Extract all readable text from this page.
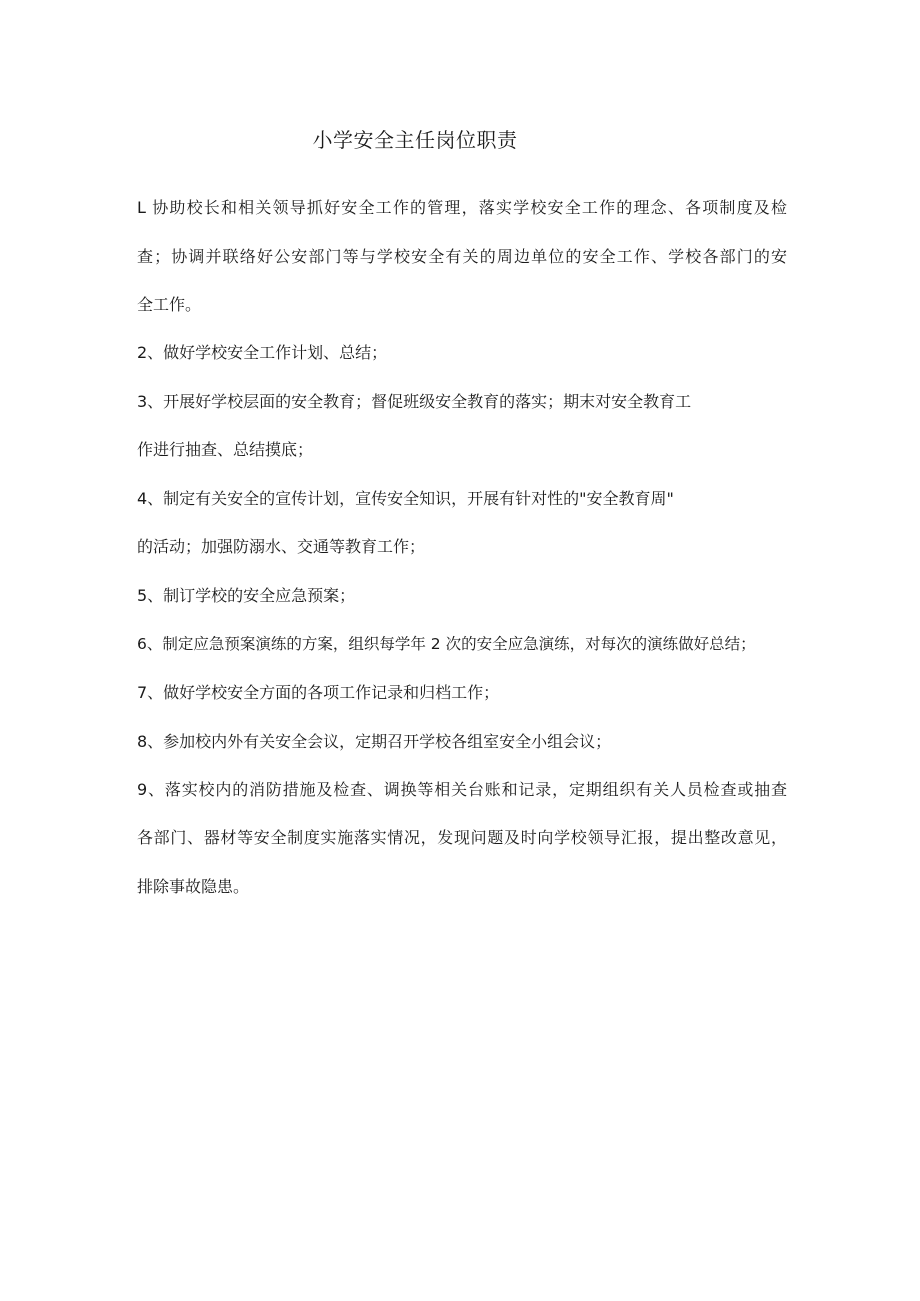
小学安全主任岗位职责
L 协助校长和相关领导抓好安全工作的管理，落实学校安全工作的理念、各项制度及检
查；协调并联络好公安部门等与学校安全有关的周边单位的安全工作、学校各部门的安
全工作。
2、做好学校安全工作计划、总结；
3、开展好学校层面的安全教育；督促班级安全教育的落实；期末对安全教育工
作进行抽查、总结摸底；
4、制定有关安全的宣传计划，宣传安全知识，开展有针对性的"安全教育周"
的活动；加强防溺水、交通等教育工作；
5、制订学校的安全应急预案；
6、制定应急预案演练的方案，组织每学年 2 次的安全应急演练，对每次的演练做好总结；
7、做好学校安全方面的各项工作记录和归档工作；
8、参加校内外有关安全会议，定期召开学校各组室安全小组会议；
9、落实校内的消防措施及检查、调换等相关台账和记录，定期组织有关人员检查或抽查
各部门、器材等安全制度实施落实情况，发现问题及时向学校领导汇报，提出整改意见，
排除事故隐患。
